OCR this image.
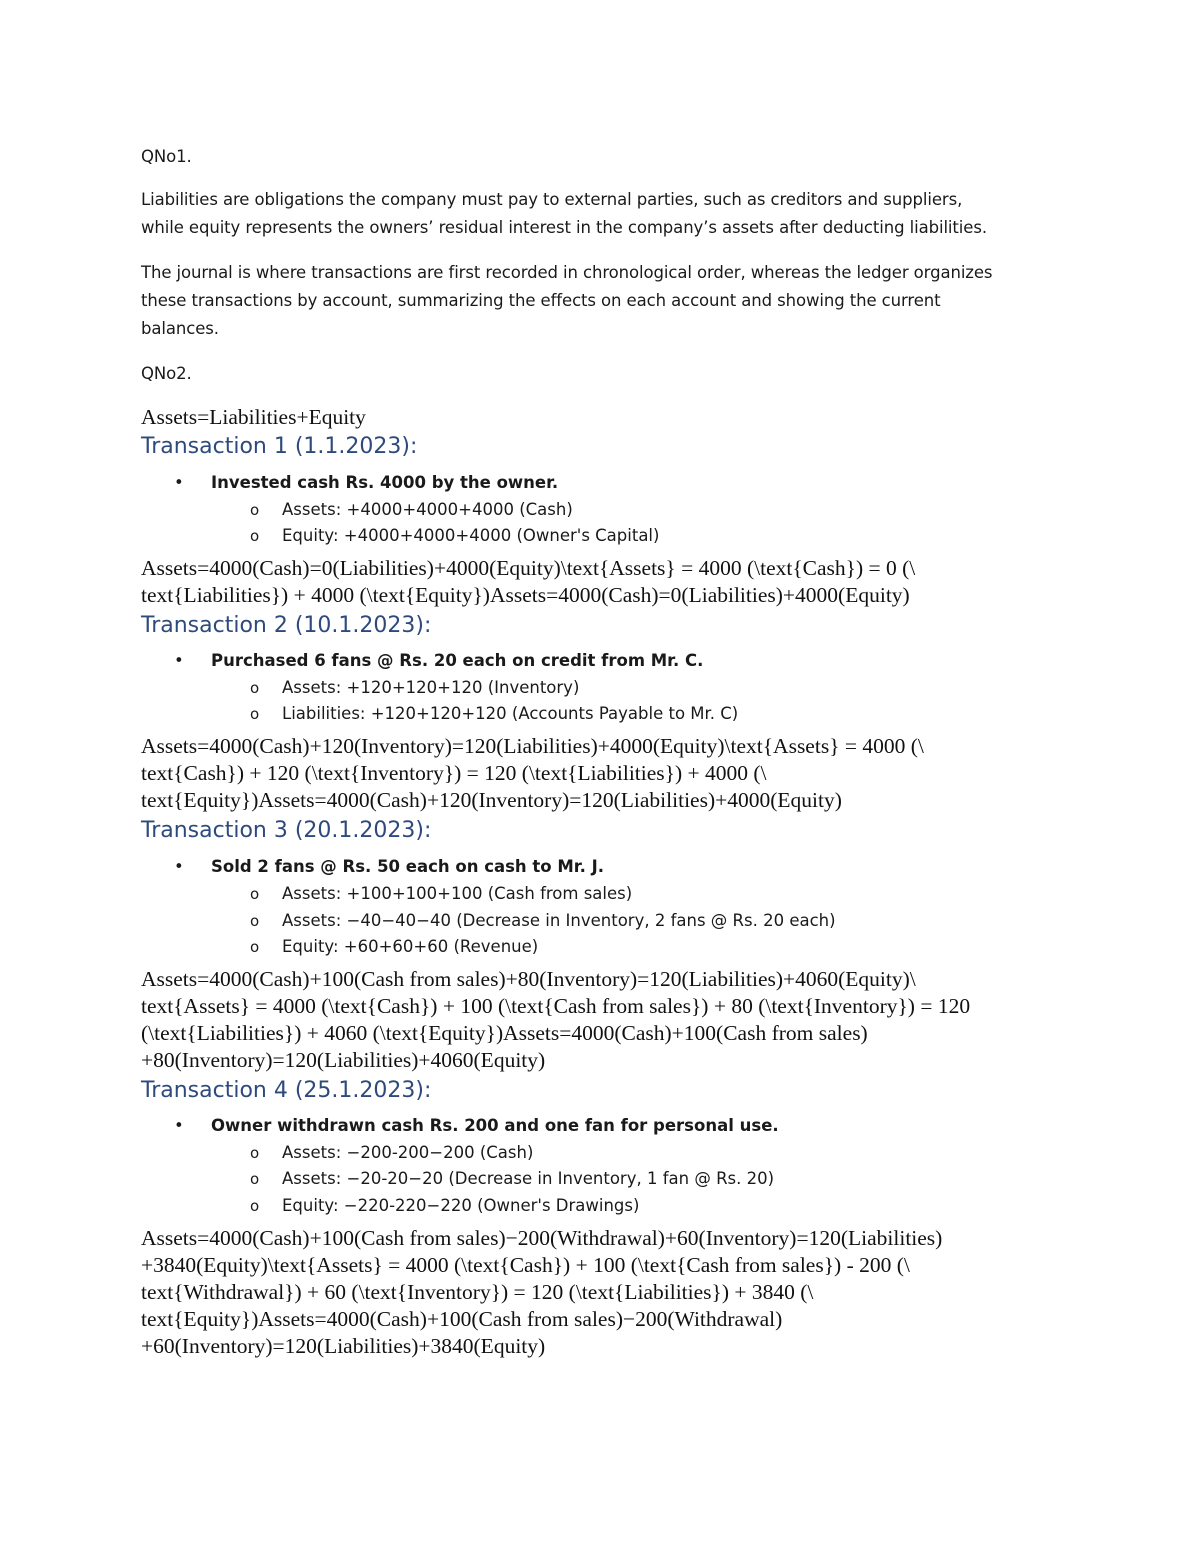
QNo1.
Liabilities are obligations the company must pay to external parties, such as creditors and suppliers,
while equity represents the owners’ residual interest in the company’s assets after deducting liabilities.
The journal is where transactions are first recorded in chronological order, whereas the ledger organizes
these transactions by account, summarizing the effects on each account and showing the current
balances.
QNo2.
Assets=Liabilities+Equity
Transaction 1 (1.1.2023):
• Invested cash Rs. 4000 by the owner.
o Assets: +4000+4000+4000 (Cash)
o Equity: +4000+4000+4000 (Owner's Capital)
Assets=4000(Cash)=0(Liabilities)+4000(Equity)\text{Assets} = 4000 (\text{Cash}) = 0 (\
text{Liabilities}) + 4000 (\text{Equity})Assets=4000(Cash)=0(Liabilities)+4000(Equity)
Transaction 2 (10.1.2023):
• Purchased 6 fans @ Rs. 20 each on credit from Mr. C.
o Assets: +120+120+120 (Inventory)
o Liabilities: +120+120+120 (Accounts Payable to Mr. C)
Assets=4000(Cash)+120(Inventory)=120(Liabilities)+4000(Equity)\text{Assets} = 4000 (\
text{Cash}) + 120 (\text{Inventory}) = 120 (\text{Liabilities}) + 4000 (\
text{Equity})Assets=4000(Cash)+120(Inventory)=120(Liabilities)+4000(Equity)
Transaction 3 (20.1.2023):
• Sold 2 fans @ Rs. 50 each on cash to Mr. J.
o Assets: +100+100+100 (Cash from sales)
o Assets: −40−40−40 (Decrease in Inventory, 2 fans @ Rs. 20 each)
o Equity: +60+60+60 (Revenue)
Assets=4000(Cash)+100(Cash from sales)+80(Inventory)=120(Liabilities)+4060(Equity)\
text{Assets} = 4000 (\text{Cash}) + 100 (\text{Cash from sales}) + 80 (\text{Inventory}) = 120
(\text{Liabilities}) + 4060 (\text{Equity})Assets=4000(Cash)+100(Cash from sales)
+80(Inventory)=120(Liabilities)+4060(Equity)
Transaction 4 (25.1.2023):
• Owner withdrawn cash Rs. 200 and one fan for personal use.
o Assets: −200-200−200 (Cash)
o Assets: −20-20−20 (Decrease in Inventory, 1 fan @ Rs. 20)
o Equity: −220-220−220 (Owner's Drawings)
Assets=4000(Cash)+100(Cash from sales)−200(Withdrawal)+60(Inventory)=120(Liabilities)
+3840(Equity)\text{Assets} = 4000 (\text{Cash}) + 100 (\text{Cash from sales}) - 200 (\
text{Withdrawal}) + 60 (\text{Inventory}) = 120 (\text{Liabilities}) + 3840 (\
text{Equity})Assets=4000(Cash)+100(Cash from sales)−200(Withdrawal)
+60(Inventory)=120(Liabilities)+3840(Equity)
